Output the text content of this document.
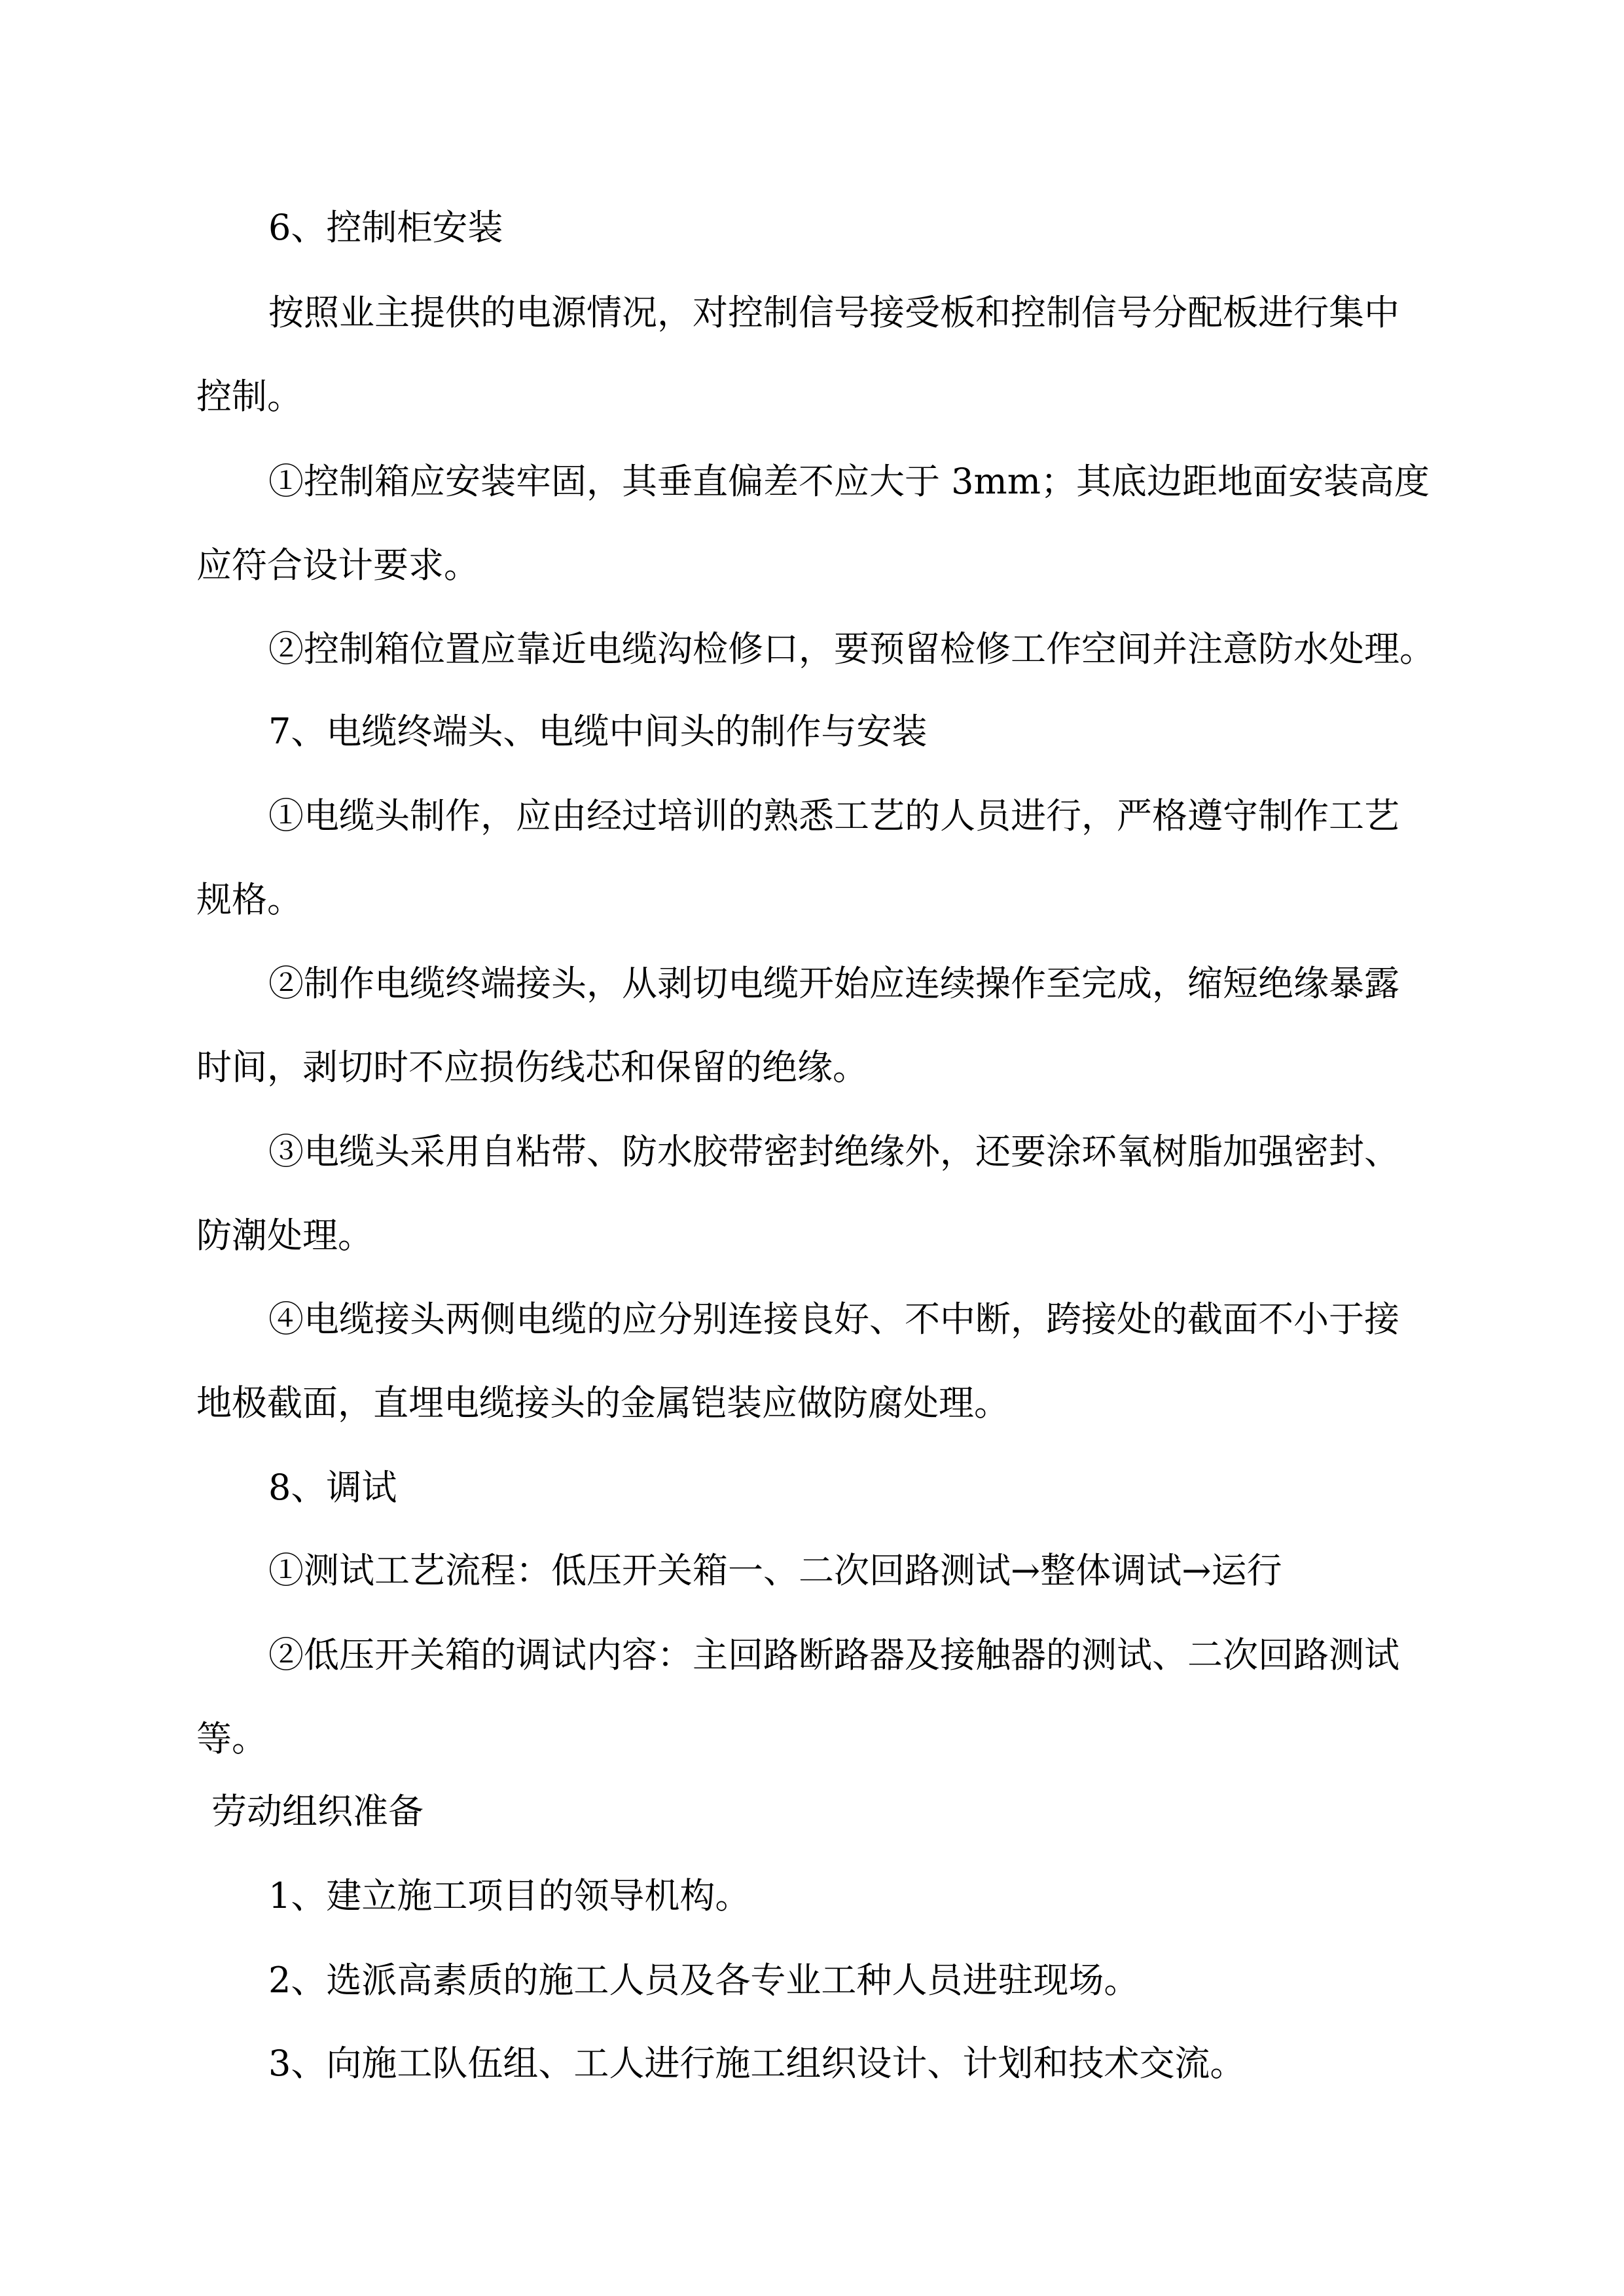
6、控制柜安装

按照业主提供的电源情况，对控制信号接受板和控制信号分配板进行集中

控制。

①控制箱应安装牢固，其垂直偏差不应大于 3mm；其底边距地面安装高度

应符合设计要求。

②控制箱位置应靠近电缆沟检修口，要预留检修工作空间并注意防水处理。

7、电缆终端头、电缆中间头的制作与安装

①电缆头制作，应由经过培训的熟悉工艺的人员进行，严格遵守制作工艺

规格。

②制作电缆终端接头，从剥切电缆开始应连续操作至完成，缩短绝缘暴露

时间，剥切时不应损伤线芯和保留的绝缘。

③电缆头采用自粘带、防水胶带密封绝缘外，还要涂环氧树脂加强密封、

防潮处理。

④电缆接头两侧电缆的应分别连接良好、不中断，跨接处的截面不小于接

地极截面，直埋电缆接头的金属铠装应做防腐处理。

8、调试

①测试工艺流程：低压开关箱一、二次回路测试→整体调试→运行

②低压开关箱的调试内容：主回路断路器及接触器的测试、二次回路测试

等。

劳动组织准备

1、建立施工项目的领导机构。

2、选派高素质的施工人员及各专业工种人员进驻现场。

3、向施工队伍组、工人进行施工组织设计、计划和技术交流。
